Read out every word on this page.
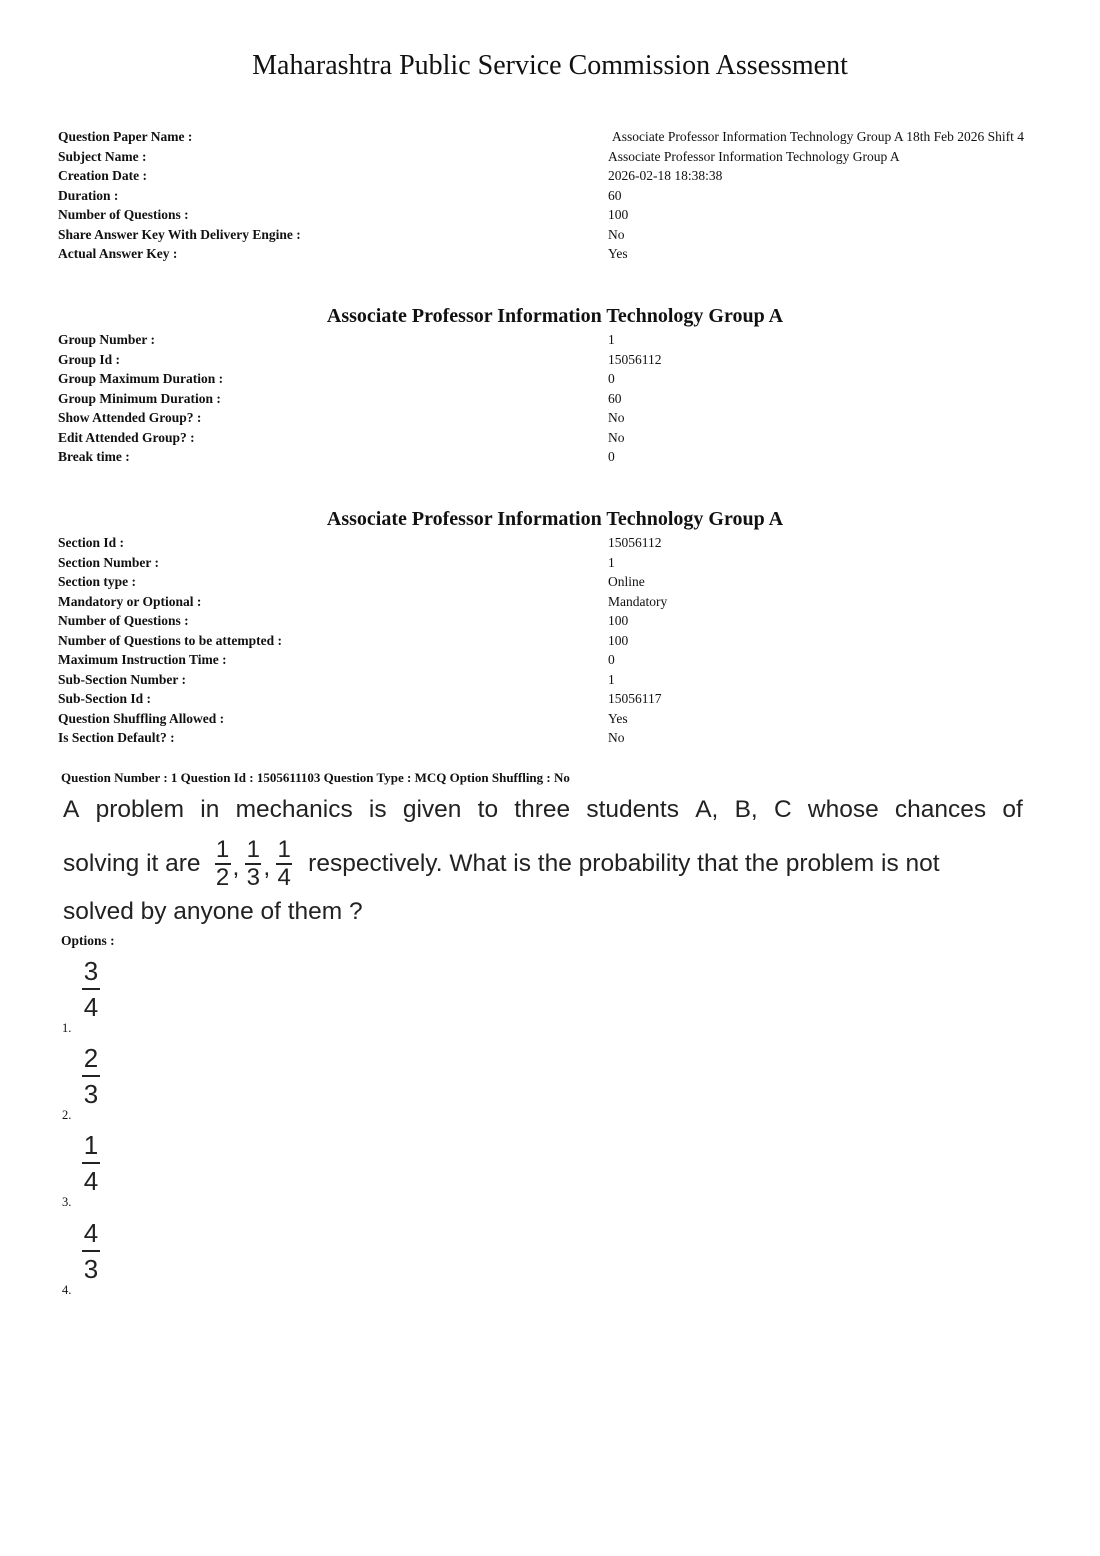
Maharashtra Public Service Commission Assessment
Question Paper Name :	Associate Professor Information Technology Group A 18th Feb 2026 Shift 4
Subject Name :	Associate Professor Information Technology Group A
Creation Date :	2026-02-18 18:38:38
Duration :	60
Number of Questions :	100
Share Answer Key With Delivery Engine :	No
Actual Answer Key :	Yes
Associate Professor Information Technology Group A
Group Number :	1
Group Id :	15056112
Group Maximum Duration :	0
Group Minimum Duration :	60
Show Attended Group? :	No
Edit Attended Group? :	No
Break time :	0
Associate Professor Information Technology Group A
Section Id :	15056112
Section Number :	1
Section type :	Online
Mandatory or Optional :	Mandatory
Number of Questions :	100
Number of Questions to be attempted :	100
Maximum Instruction Time :	0
Sub-Section Number :	1
Sub-Section Id :	15056117
Question Shuffling Allowed :	Yes
Is Section Default? :	No
Question Number : 1 Question Id : 1505611103 Question Type : MCQ Option Shuffling : No
A problem in mechanics is given to three students A, B, C whose chances of
solving it are $\frac{1}{2}$ , $\frac{1}{3}$ , $\frac{1}{4}$ respectively. What is the probability that the problem is not
solved by anyone of them ?
Options :
1.
3
4
2.
2
3
3.
1
4
4.
4
3
